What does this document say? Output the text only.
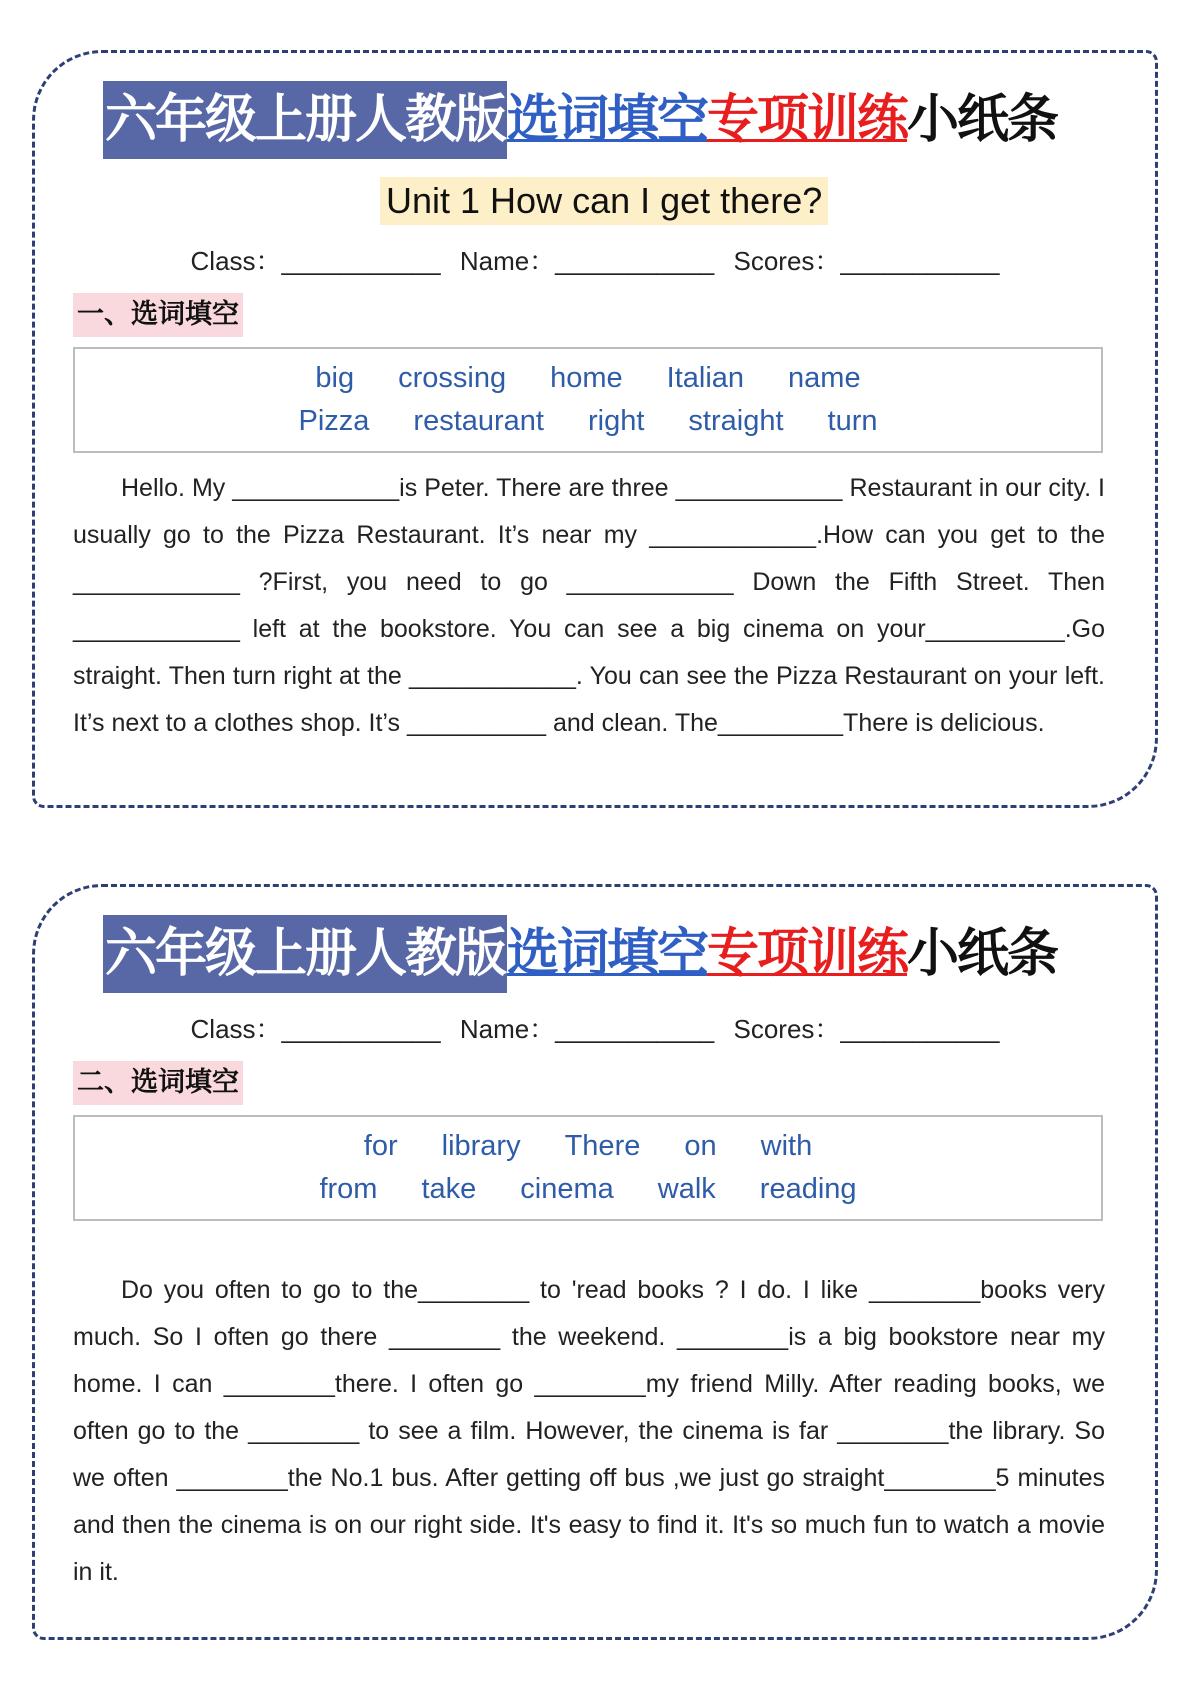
六年级上册人教版 选词填空 专项训练 小纸条
Unit 1 How can I get there?
Class：___________ Name：___________ Scores：___________
一、选词填空
big crossing home Italian name
Pizza restaurant right straight turn
Hello. My ____________is Peter. There are three ____________ Restaurant in our city. I usually go to the Pizza Restaurant. It’s near my ____________.How can you get to the ____________ ?First, you need to go ____________ Down the Fifth Street. Then ____________ left at the bookstore. You can see a big cinema on your__________.Go straight. Then turn right at the ____________. You can see the Pizza Restaurant on your left. It’s next to a clothes shop. It’s __________ and clean. The_________There is delicious.
六年级上册人教版 选词填空 专项训练 小纸条
Class：___________ Name：___________ Scores：___________
二、选词填空
for library There on with
from take cinema walk reading
Do you often to go to the________ to 'read books ? I do. I like ________books very much. So I often go there ________ the weekend. ________is a big bookstore near my home. I can ________there. I often go ________my friend Milly. After reading books, we often go to the ________ to see a film. However, the cinema is far ________the library. So we often ________the No.1 bus. After getting off bus ,we just go straight________5 minutes and then the cinema is on our right side. It's easy to find it. It's so much fun to watch a movie in it.
